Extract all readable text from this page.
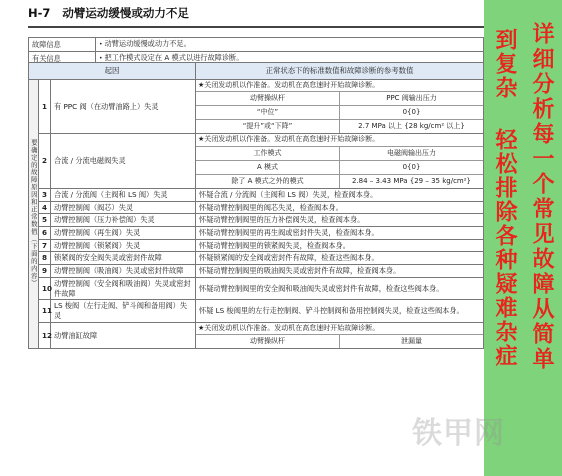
H-7 动臂运动缓慢或动力不足
故障信息	• 动臂运动缓慢或动力不足。
有关信息	• 把工作模式设定在 A 模式以进行故障诊断。
起因	正常状态下的标准数值和故障诊断的参考数值
要确定的故障原因和正常数值（下面的内容）	1	有 PPC 阀（在动臂油路上）失灵	
★关闭发动机以作准备。发动机在高怠速时开始故障诊断。
动臂操纵杆	PPC 阀输出压力
“中位”	0{0}
“提升”或“下降”	2.7 MPa 以上 {28 kg/cm² 以上}

2	合流 / 分流电磁阀失灵	
★关闭发动机以作准备。发动机在高怠速时开始故障诊断。
工作模式	电磁阀输出压力
A 模式	0{0}
除了 A 模式之外的模式	2.84 – 3.43 MPa {29 – 35 kg/cm²}

3	合流 / 分流阀（主阀和 LS 阀）失灵	怀疑合流 / 分流阀（主阀和 LS 阀）失灵，检查阀本身。
4	动臂控制阀（阀芯）失灵	怀疑动臂控制阀里的阀芯失灵，检查阀本身。
5	动臂控制阀（压力补偿阀）失灵	怀疑动臂控制阀里的压力补偿阀失灵，检查阀本身。
6	动臂控制阀（再生阀）失灵	怀疑动臂控制阀里的再生阀或密封件失灵，检查阀本身。
7	动臂控制阀（锁紧阀）失灵	怀疑动臂控制阀里的锁紧阀失灵，检查阀本身。
8	锁紧阀的安全阀失灵或密封件故障	怀疑锁紧阀的安全阀或密封件有故障，检查这些阀本身。
9	动臂控制阀（吸油阀）失灵或密封件故障	怀疑动臂控制阀里的吸油阀失灵或密封件有故障，检查阀本身。
10	动臂控制阀（安全阀和吸油阀）失灵或密封件故障	怀疑动臂控制阀里的安全阀和吸油阀失灵或密封件有故障，检查这些阀本身。
11	LS 梭阀（左行走阀、铲斗阀和备用阀）失灵	怀疑 LS 梭阀里的左行走控制阀、铲斗控制阀和备用控制阀失灵，检查这些阀本身。
12	动臂油缸故障	
★关闭发动机以作准备。发动机在高怠速时开始故障诊断。
动臂操纵杆	泄漏量
到复杂
轻松排除各种疑难杂症 详细分析每一个常见故障从简单
铁甲网
